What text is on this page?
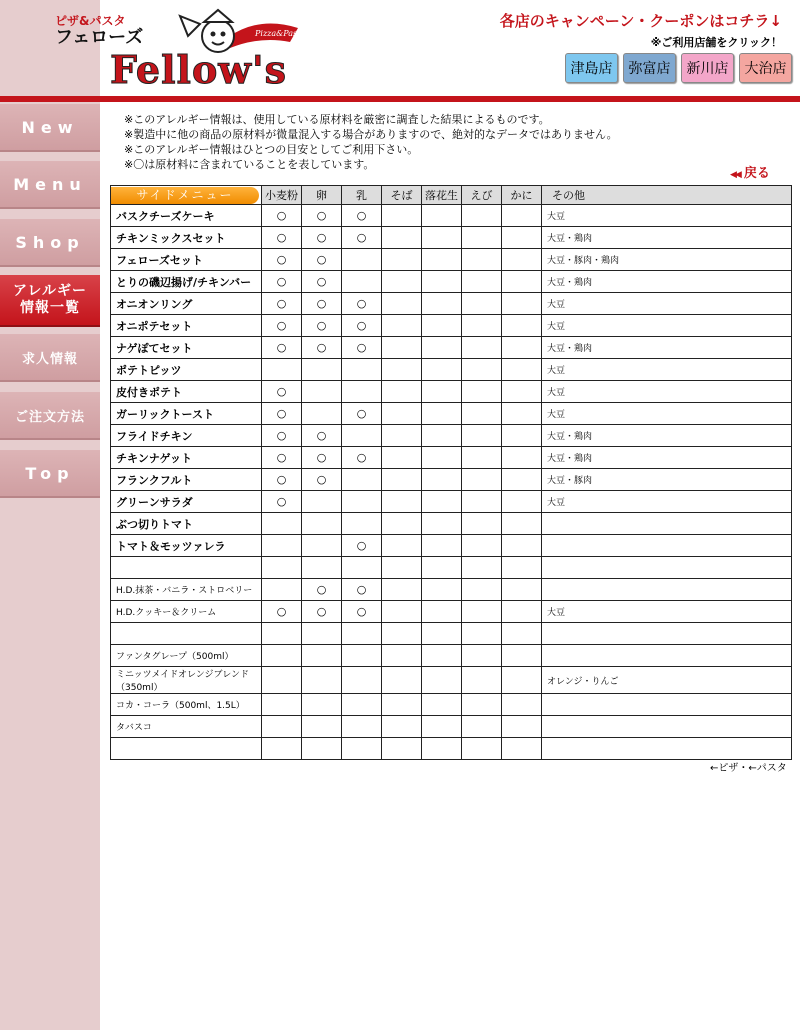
ピザ&パスタ
フェローズ	Pizza&Pasta
Fellow's
各店のキャンペーン・クーポンはコチラ↓
※ご利用店舗をクリック！
津島店	弥富店	新川店	大治店
New
Menu
Shop
アレルギー情報一覧
求人情報
ご注文方法
Top
※このアレルギー情報は、使用している原材料を厳密に調査した結果によるものです。
※製造中に他の商品の原材料が微量混入する場合がありますので、絶対的なデータではありません。
※このアレルギー情報はひとつの目安としてご利用下さい。
※〇は原材料に含まれていることを表しています。
◀◀ 戻る
サイドメニュー	小麦粉	卵	乳	そば	落花生	えび	かに	その他
バスクチーズケーキ	○	○	○					大豆
チキンミックスセット	○	○	○					大豆・鶏肉
フェローズセット	○	○						大豆・豚肉・鶏肉
とりの磯辺揚げ/チキンバー	○	○						大豆・鶏肉
オニオンリング	○	○	○					大豆
オニポテセット	○	○	○					大豆
ナゲぽてセット	○	○	○					大豆・鶏肉
ポテトピッツ								大豆
皮付きポテト	○							大豆
ガーリックトースト	○		○					大豆
フライドチキン	○	○						大豆・鶏肉
チキンナゲット	○	○	○					大豆・鶏肉
フランクフルト	○	○						大豆・豚肉
グリーンサラダ	○							大豆
ぶつ切りトマト								
トマト＆モッツァレラ			○					

H.D.抹茶・バニラ・ストロベリー		○	○					
H.D.クッキー＆クリーム	○	○	○					大豆

ファンタグレープ（500ml）								
ミニッツメイドオレンジブレンド（350ml）								オレンジ・りんご
コカ・コーラ（500ml、1.5L）								
タバスコ								

←ピザ・←パスタ
